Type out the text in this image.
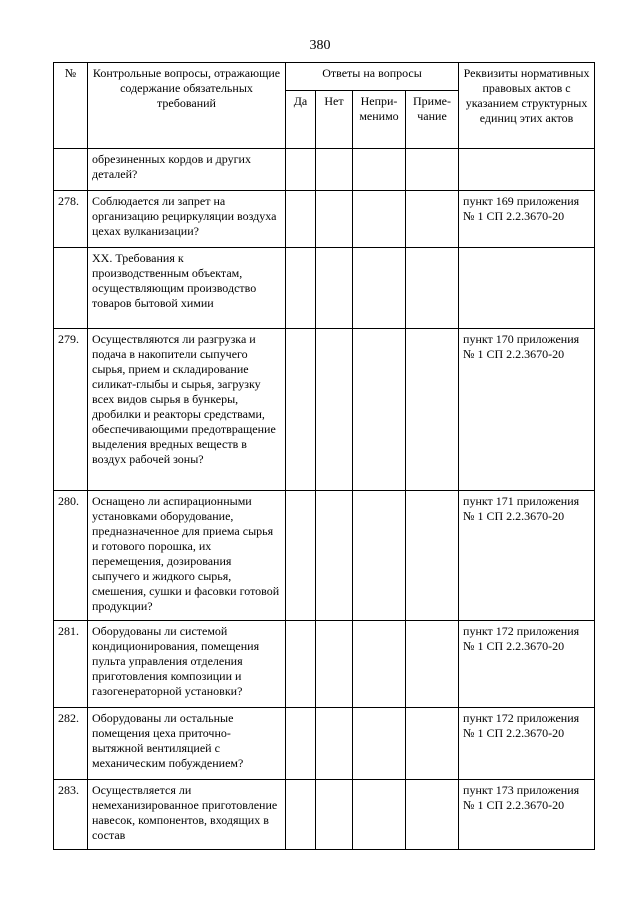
380
№	Контрольные вопросы, отражающие содержание обязательных требований	Ответы на вопросы				Реквизиты нормативных правовых актов с указанием структурных единиц этих актов
		Да	Нет	Непри-менимо	Приме-чание	
	обрезиненных кордов и других деталей?					
278.	Соблюдается ли запрет на организацию рециркуляции воздуха цехах вулканизации?					пункт 169 приложения № 1 СП 2.2.3670-20
	XX. Требования к производственным объектам, осуществляющим производство товаров бытовой химии					
279.	Осуществляются ли разгрузка и подача в накопители сыпучего сырья, прием и складирование силикат-глыбы и сырья, загрузку всех видов сырья в бункеры, дробилки и реакторы средствами, обеспечивающими предотвращение выделения вредных веществ в воздух рабочей зоны?					пункт 170 приложения № 1 СП 2.2.3670-20
280.	Оснащено ли аспирационными установками оборудование, предназначенное для приема сырья и готового порошка, их перемещения, дозирования сыпучего и жидкого сырья, смешения, сушки и фасовки готовой продукции?					пункт 171 приложения № 1 СП 2.2.3670-20
281.	Оборудованы ли системой кондиционирования, помещения пульта управления отделения приготовления композиции и газогенераторной установки?					пункт 172 приложения № 1 СП 2.2.3670-20
282.	Оборудованы ли остальные помещения цеха приточно-вытяжной вентиляцией с механическим побуждением?					пункт 172 приложения № 1 СП 2.2.3670-20
283.	Осуществляется ли немеханизированное приготовление навесок, компонентов, входящих в состав					пункт 173 приложения № 1 СП 2.2.3670-20
